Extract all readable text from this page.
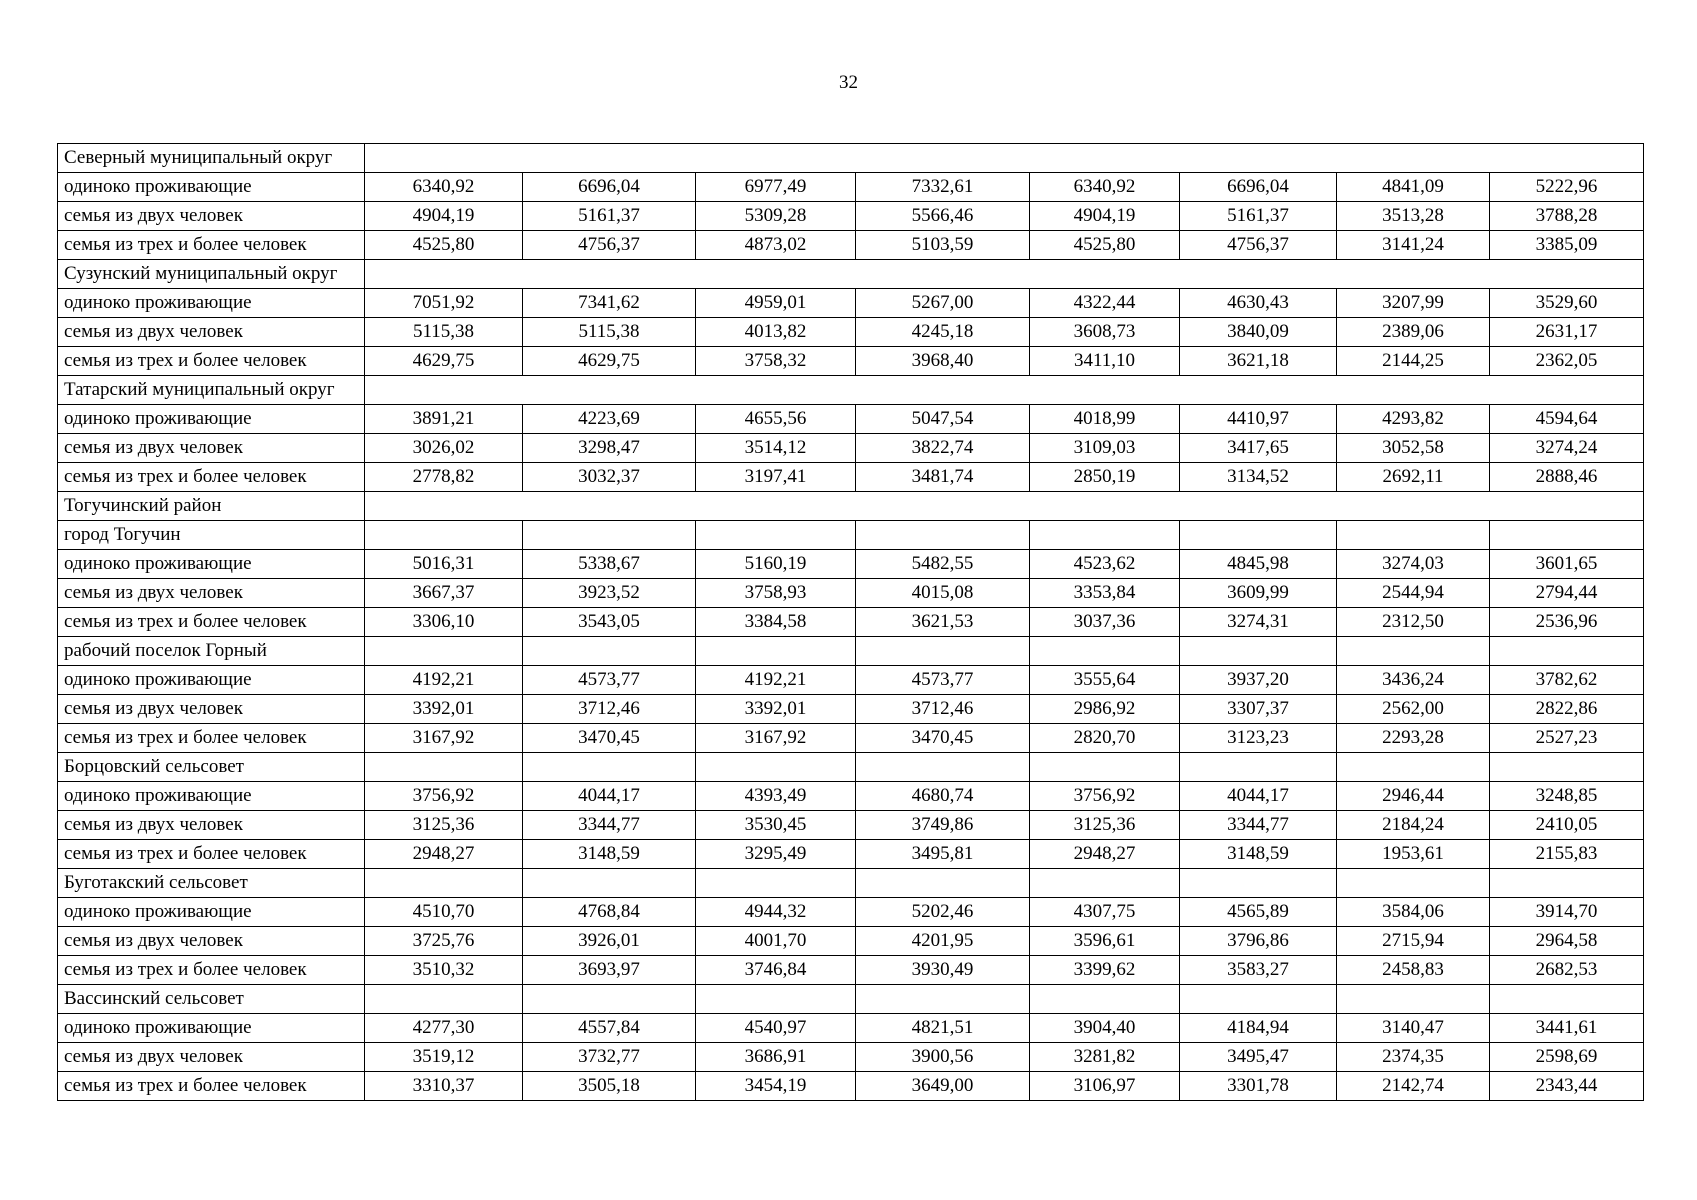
32
Северный муниципальный округ								
одиноко проживающие	6340,92	6696,04	6977,49	7332,61	6340,92	6696,04	4841,09	5222,96
семья из двух человек	4904,19	5161,37	5309,28	5566,46	4904,19	5161,37	3513,28	3788,28
семья из трех и более человек	4525,80	4756,37	4873,02	5103,59	4525,80	4756,37	3141,24	3385,09
Сузунский муниципальный округ								
одиноко проживающие	7051,92	7341,62	4959,01	5267,00	4322,44	4630,43	3207,99	3529,60
семья из двух человек	5115,38	5115,38	4013,82	4245,18	3608,73	3840,09	2389,06	2631,17
семья из трех и более человек	4629,75	4629,75	3758,32	3968,40	3411,10	3621,18	2144,25	2362,05
Татарский муниципальный округ								
одиноко проживающие	3891,21	4223,69	4655,56	5047,54	4018,99	4410,97	4293,82	4594,64
семья из двух человек	3026,02	3298,47	3514,12	3822,74	3109,03	3417,65	3052,58	3274,24
семья из трех и более человек	2778,82	3032,37	3197,41	3481,74	2850,19	3134,52	2692,11	2888,46
Тогучинский район								
город Тогучин								
одиноко проживающие	5016,31	5338,67	5160,19	5482,55	4523,62	4845,98	3274,03	3601,65
семья из двух человек	3667,37	3923,52	3758,93	4015,08	3353,84	3609,99	2544,94	2794,44
семья из трех и более человек	3306,10	3543,05	3384,58	3621,53	3037,36	3274,31	2312,50	2536,96
рабочий поселок Горный								
одиноко проживающие	4192,21	4573,77	4192,21	4573,77	3555,64	3937,20	3436,24	3782,62
семья из двух человек	3392,01	3712,46	3392,01	3712,46	2986,92	3307,37	2562,00	2822,86
семья из трех и более человек	3167,92	3470,45	3167,92	3470,45	2820,70	3123,23	2293,28	2527,23
Борцовский сельсовет								
одиноко проживающие	3756,92	4044,17	4393,49	4680,74	3756,92	4044,17	2946,44	3248,85
семья из двух человек	3125,36	3344,77	3530,45	3749,86	3125,36	3344,77	2184,24	2410,05
семья из трех и более человек	2948,27	3148,59	3295,49	3495,81	2948,27	3148,59	1953,61	2155,83
Буготакский сельсовет								
одиноко проживающие	4510,70	4768,84	4944,32	5202,46	4307,75	4565,89	3584,06	3914,70
семья из двух человек	3725,76	3926,01	4001,70	4201,95	3596,61	3796,86	2715,94	2964,58
семья из трех и более человек	3510,32	3693,97	3746,84	3930,49	3399,62	3583,27	2458,83	2682,53
Вассинский сельсовет								
одиноко проживающие	4277,30	4557,84	4540,97	4821,51	3904,40	4184,94	3140,47	3441,61
семья из двух человек	3519,12	3732,77	3686,91	3900,56	3281,82	3495,47	2374,35	2598,69
семья из трех и более человек	3310,37	3505,18	3454,19	3649,00	3106,97	3301,78	2142,74	2343,44
